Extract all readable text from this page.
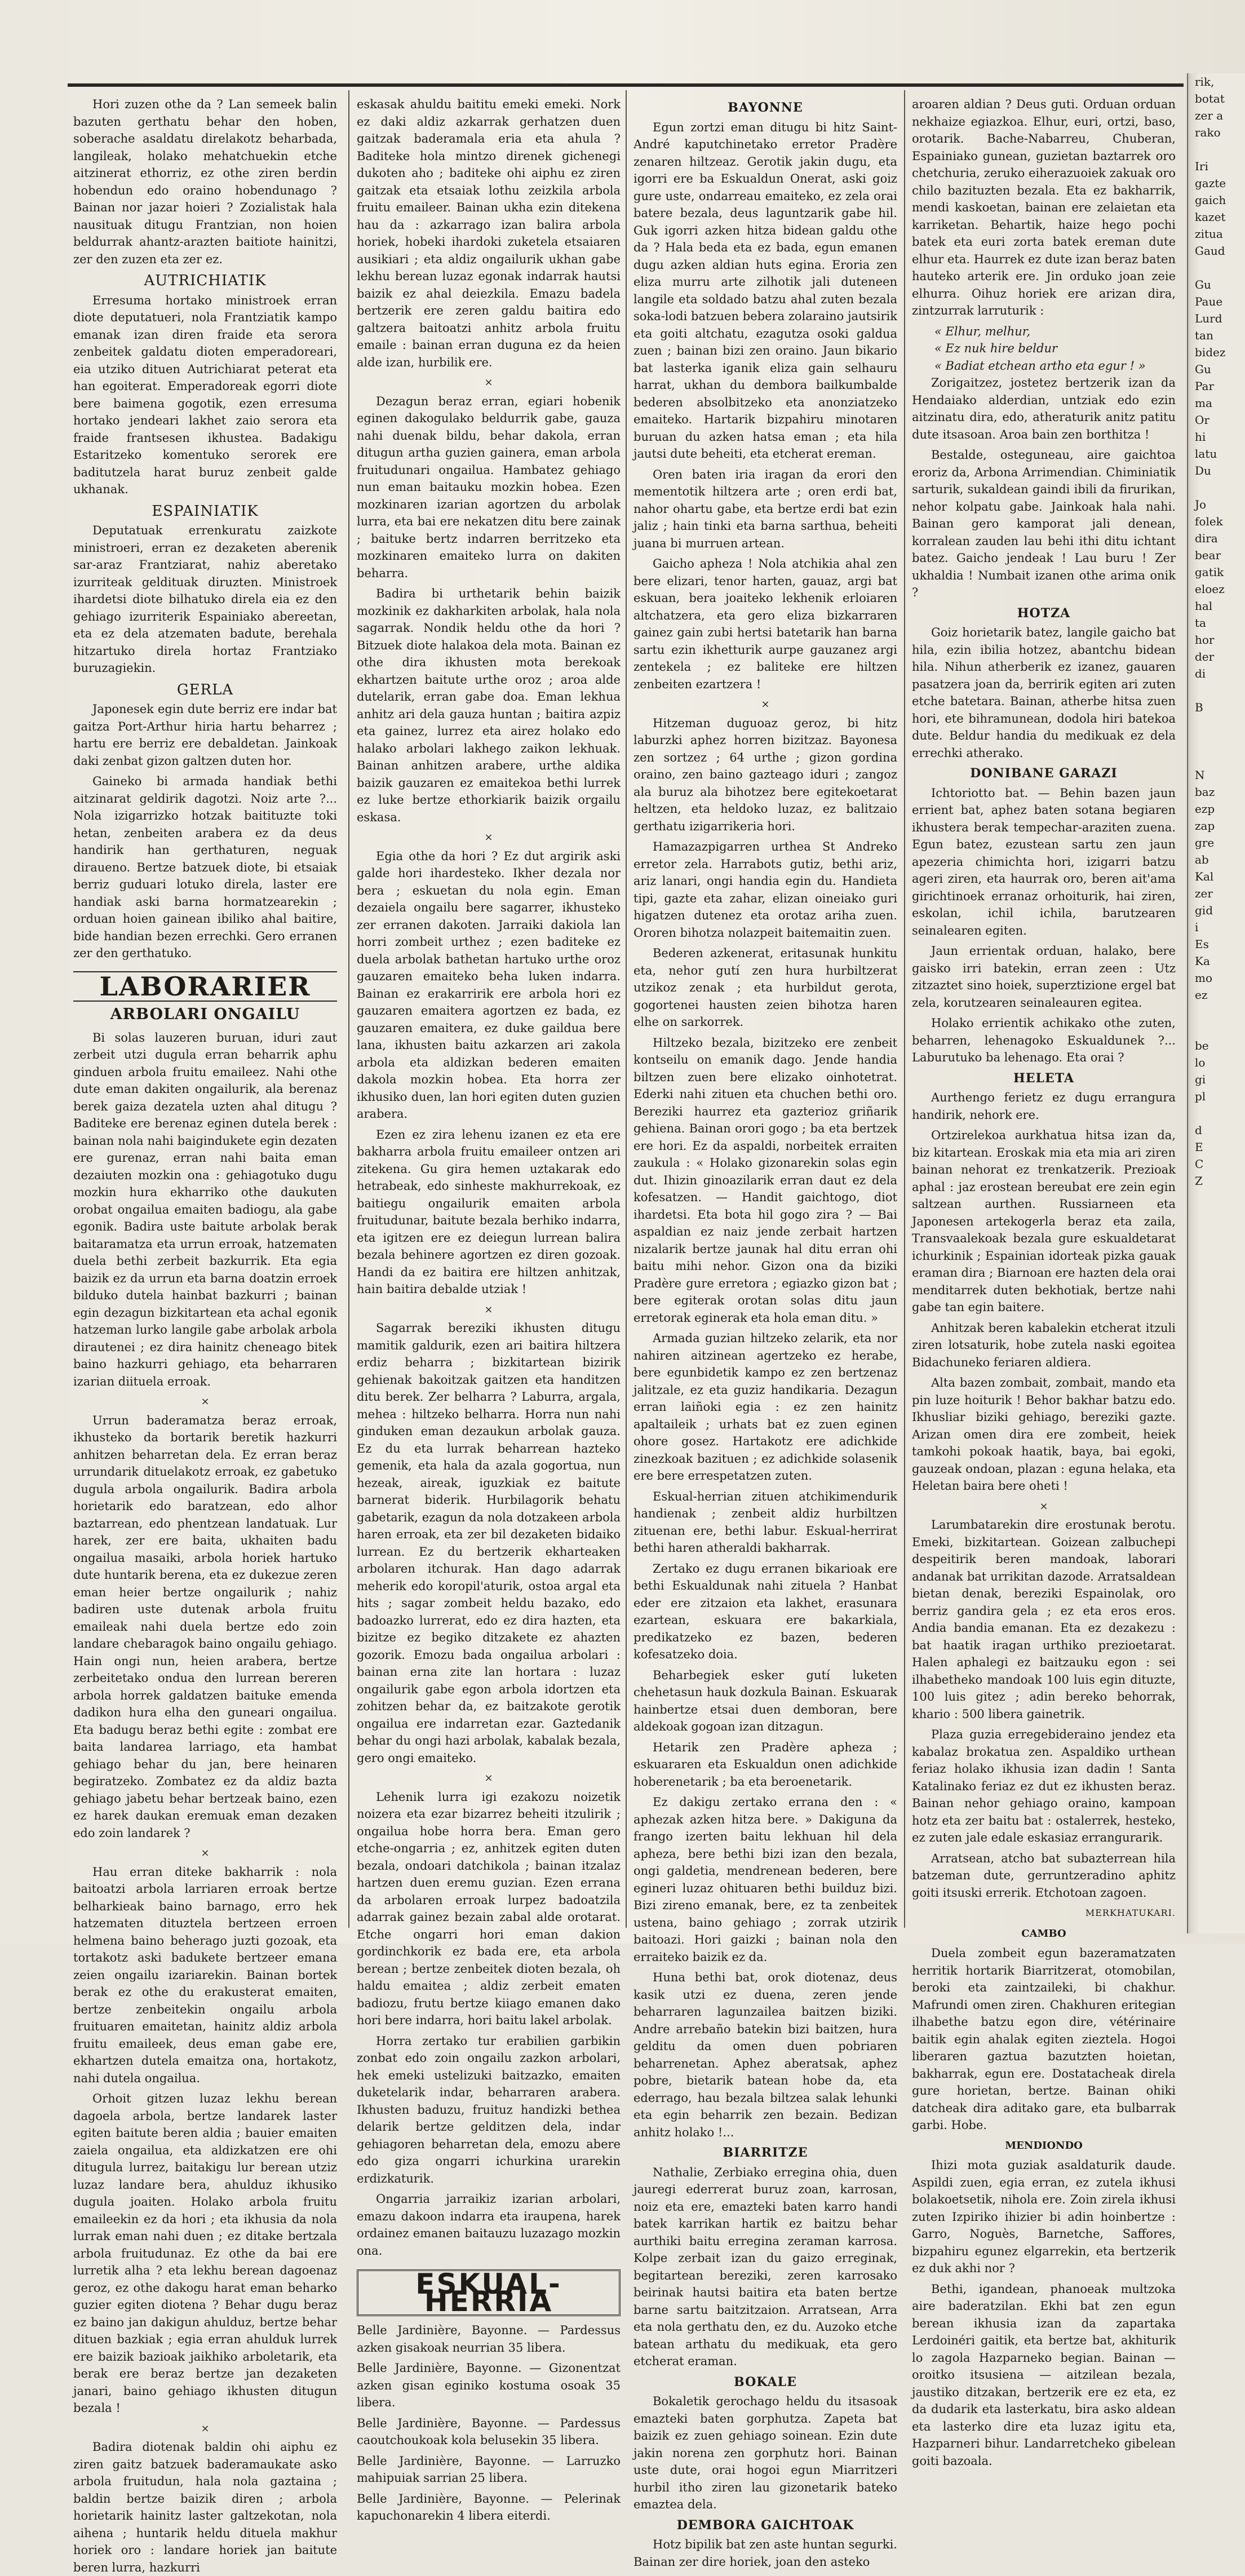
Hori zuzen othe da ? Lan semeek balin bazuten gerthatu behar den hoben, soberache asaldatu direlakotz beharbada, langileak, holako mehatchuekin etche aitzinerat ethorriz, ez othe ziren berdin hobendun edo oraino hobendunago ? Bainan nor jazar hoieri ? Zozialistak hala nausituak ditugu Frantzian, non hoien beldurrak ahantz-arazten baitiote hainitzi, zer den zuzen eta zer ez.

AUTRICHIATIK

Erresuma hortako ministroek erran diote deputatueri, nola Frantziatik kampo emanak izan diren fraide eta serora zenbeitek galdatu dioten emperadoreari, eia utziko dituen Autrichiarat peterat eta han egoiterat. Emperadoreak egorri diote bere baimena gogotik, ezen erresuma hortako jendeari lakhet zaio serora eta fraide frantsesen ikhustea. Badakigu Estaritzeko komentuko serorek ere baditutzela harat buruz zenbeit galde ukhanak.

ESPAINIATIK

Deputatuak errenkuratu zaizkote ministroeri, erran ez dezaketen aberenik sar-araz Frantziarat, nahiz aberetako izurriteak geldituak diruzten. Ministroek ihardetsi diote bilhatuko direla eia ez den gehiago izurriterik Espainiako abereetan, eta ez dela atzematen badute, berehala hitzartuko direla hortaz Frantziako buruzagiekin.

GERLA

Japonesek egin dute berriz ere indar bat gaitza Port-Arthur hiria hartu beharrez ; hartu ere berriz ere debaldetan. Jainkoak daki zenbat gizon galtzen duten hor.

Gaineko bi armada handiak bethi aitzinarat geldirik dagotzi. Noiz arte ?... Nola izigarrizko hotzak baitituzte toki hetan, zenbeiten arabera ez da deus handirik han gerthaturen, neguak diraueno. Bertze batzuek diote, bi etsaiak berriz guduari lotuko direla, laster ere handiak aski barna hormatzearekin ; orduan hoien gainean ibiliko ahal baitire, bide handian bezen errechki. Gero erranen zer den gerthatuko.

LABORARIER
ARBOLARI ONGAILU

Bi solas lauzeren buruan, iduri zaut zerbeit utzi dugula erran beharrik aphu ginduen arbola fruitu emaileez. Nahi othe dute eman dakiten ongailurik, ala berenaz berek gaiza dezatela uzten ahal ditugu ? Baditeke ere berenaz eginen dutela berek : bainan nola nahi baigindukete egin dezaten ere gurenaz, erran nahi baita eman dezaiuten mozkin ona : gehiagotuko dugu mozkin hura ekharriko othe daukuten orobat ongailua emaiten badiogu, ala gabe egonik. Badira uste baitute arbolak berak baitaramatza eta urrun erroak, hatzematen duela bethi zerbeit bazkurrik. Eta egia baizik ez da urrun eta barna doatzin erroek bilduko dutela hainbat bazkurri ; bainan egin dezagun bizkitartean eta achal egonik hatzeman lurko langile gabe arbolak arbola dirautenei ; ez dira hainitz cheneago bitek baino hazkurri gehiago, eta beharraren izarian diituela erroak.

×

Urrun baderamatza beraz erroak, ikhusteko da bortarik beretik hazkurri anhitzen beharretan dela. Ez erran beraz urrundarik dituelakotz erroak, ez gabetuko dugula arbola ongailurik. Badira arbola horietarik edo baratzean, edo alhor baztarrean, edo phentzean landatuak. Lur harek, zer ere baita, ukhaiten badu ongailua masaiki, arbola horiek hartuko dute huntarik berena, eta ez dukezue zeren eman heier bertze ongailurik ; nahiz badiren uste dutenak arbola fruitu emaileak nahi duela bertze edo zoin landare chebaragok baino ongailu gehiago. Hain ongi nun, heien arabera, bertze zerbeitetako ondua den lurrean bereren arbola horrek galdatzen baituke emenda dadikon hura elha den guneari ongailua. Eta badugu beraz bethi egite : zombat ere baita landarea larriago, eta hambat gehiago behar du jan, bere heinaren begiratzeko. Zombatez ez da aldiz bazta gehiago jabetu behar bertzeak baino, ezen ez harek daukan eremuak eman dezaken edo zoin landarek ?

×

Hau erran diteke bakharrik : nola baitoatzi arbola larriaren erroak bertze belharkieak baino barnago, erro hek hatzematen dituztela bertzeen erroen helmena baino beherago juzti gozoak, eta tortakotz aski badukete bertzeer emana zeien ongailu izariarekin. Bainan bortek berak ez othe du erakusterat emaiten, bertze zenbeitekin ongailu arbola fruituaren emaitetan, hainitz aldiz arbola fruitu emaileek, deus eman gabe ere, ekhartzen dutela emaitza ona, hortakotz, nahi dutela ongailua.

Orhoit gitzen luzaz lekhu berean dagoela arbola, bertze landarek laster egiten baitute beren aldia ; bauier emaiten zaiela ongailua, eta aldizkatzen ere ohi ditugula lurrez, baitakigu lur berean utziz luzaz landare bera, ahulduz ikhusiko dugula joaiten. Holako arbola fruitu emaileekin ez da hori ; eta ikhusia da nola lurrak eman nahi duen ; ez ditake bertzala arbola fruitudunaz. Ez othe da bai ere lurretik alha ? eta lekhu berean dagoenaz geroz, ez othe dakogu harat eman beharko guzier egiten diotena ? Behar dugu beraz ez baino jan dakigun ahulduz, bertze behar dituen bazkiak ; egia erran ahulduk lurrek ere baizik bazioak jaikhiko arboletarik, eta berak ere beraz bertze jan dezaketen janari, baino gehiago ikhusten ditugun bezala !

×

Badira diotenak baldin ohi aiphu ez ziren gaitz batzuek baderamaukate asko arbola fruitudun, hala nola gaztaina ; baldin bertze baizik diren ; arbola horietarik hainitz laster galtzekotan, nola aihena ; huntarik heldu dituela makhur horiek oro : landare horiek jan baitute beren lurra, hazkurri

eskasak ahuldu baititu emeki emeki. Nork ez daki aldiz azkarrak gerhatzen duen gaitzak baderamala eria eta ahula ? Baditeke hola mintzo direnek gichenegi dukoten aho ; baditeke ohi aiphu ez ziren gaitzak eta etsaiak lothu zeizkila arbola fruitu emaileer. Bainan ukha ezin ditekena hau da : azkarrago izan balira arbola horiek, hobeki ihardoki zuketela etsaiaren ausikiari ; eta aldiz ongailurik ukhan gabe lekhu berean luzaz egonak indarrak hautsi baizik ez ahal deiezkila. Emazu badela bertzerik ere zeren galdu baitira edo galtzera baitoatzi anhitz arbola fruitu emaile : bainan erran duguna ez da heien alde izan, hurbilik ere.

×

Dezagun beraz erran, egiari hobenik eginen dakogulako beldurrik gabe, gauza nahi duenak bildu, behar dakola, erran ditugun artha guzien gainera, eman arbola fruitudunari ongailua. Hambatez gehiago nun eman baitauku mozkin hobea. Ezen mozkinaren izarian agortzen du arbolak lurra, eta bai ere nekatzen ditu bere zainak ; baituke bertz indarren berritzeko eta mozkinaren emaiteko lurra on dakiten beharra.

Badira bi urthetarik behin baizik mozkinik ez dakharkiten arbolak, hala nola sagarrak. Nondik heldu othe da hori ? Bitzuek diote halakoa dela mota. Bainan ez othe dira ikhusten mota berekoak ekhartzen baitute urthe oroz ; aroa alde dutelarik, erran gabe doa. Eman lekhua anhitz ari dela gauza huntan ; baitira azpiz eta gainez, lurrez eta airez holako edo halako arbolari lakhego zaikon lekhuak. Bainan anhitzen arabere, urthe aldika baizik gauzaren ez emaitekoa bethi lurrek ez luke bertze ethorkiarik baizik orgailu eskasa.

×

Egia othe da hori ? Ez dut argirik aski galde hori ihardesteko. Ikher dezala nor bera ; eskuetan du nola egin. Eman dezaiela ongailu bere sagarrer, ikhusteko zer erranen dakoten. Jarraiki dakiola lan horri zombeit urthez ; ezen baditeke ez duela arbolak bathetan hartuko urthe oroz gauzaren emaiteko beha luken indarra. Bainan ez erakarririk ere arbola hori ez gauzaren emaitera agortzen ez bada, ez gauzaren emaitera, ez duke gaildua bere lana, ikhusten baitu azkarzen ari zakola arbola eta aldizkan bederen emaiten dakola mozkin hobea. Eta horra zer ikhusiko duen, lan hori egiten duten guzien arabera.

Ezen ez zira lehenu izanen ez eta ere bakharra arbola fruitu emaileer ontzen ari zitekena. Gu gira hemen uztakarak edo hetrabeak, edo sinheste makhurrekoak, ez baitiegu ongailurik emaiten arbola fruitudunar, baitute bezala berhiko indarra, eta igitzen ere ez deiegun lurrean balira bezala behinere agortzen ez diren gozoak. Handi da ez baitira ere hiltzen anhitzak, hain baitira debalde utziak !

×

Sagarrak bereziki ikhusten ditugu mamitik galdurik, ezen ari baitira hiltzera erdiz beharra ; bizkitartean bizirik gehienak bakoitzak gaitzen eta handitzen ditu berek. Zer belharra ? Laburra, argala, mehea : hiltzeko belharra. Horra nun nahi ginduken eman dezaukun arbolak gauza. Ez du eta lurrak beharrean hazteko gemenik, eta hala da azala gogortua, nun hezeak, aireak, iguzkiak ez baitute barnerat biderik. Hurbilagorik behatu gabetarik, ezagun da nola dotzakeen arbola haren erroak, eta zer bil dezaketen bidaiko lurrean. Ez du bertzerik ekharteaken arbolaren itchurak. Han dago adarrak meherik edo koropil'aturik, ostoa argal eta hits ; sagar zombeit heldu bazako, edo badoazko lurrerat, edo ez dira hazten, eta bizitze ez begiko ditzakete ez ahazten gozorik. Emozu bada ongailua arbolari : bainan erna zite lan hortara : luzaz ongailurik gabe egon arbola idortzen eta zohitzen behar da, ez baitzakote gerotik ongailua ere indarretan ezar. Gaztedanik behar du ongi hazi arbolak, kabalak bezala, gero ongi emaiteko.

×

Lehenik lurra igi ezakozu noizetik noizera eta ezar bizarrez beheiti itzulirik ; ongailua hobe horra bera. Eman gero etche-ongarria ; ez, anhitzek egiten duten bezala, ondoari datchikola ; bainan itzalaz hartzen duen eremu guzian. Ezen errana da arbolaren erroak lurpez badoatzila adarrak gainez bezain zabal alde orotarat. Etche ongarri hori eman dakion gordinchkorik ez bada ere, eta arbola berean ; bertze zenbeitek dioten bezala, oh haldu emaitea ; aldiz zerbeit ematen badiozu, frutu bertze kiiago emanen dako hori bere indarra, hori baitu lakel arbolak.

Horra zertako tur erabilien garbikin zonbat edo zoin ongailu zazkon arbolari, hek emeki ustelizuki baitzazko, emaiten duketelarik indar, beharraren arabera. Ikhusten baduzu, fruituz handizki bethea delarik bertze gelditzen dela, indar gehiagoren beharretan dela, emozu abere edo giza ongarri ichurkina urarekin erdizkaturik.

Ongarria jarraikiz izarian arbolari, emazu dakoon indarra eta iraupena, harek ordainez emanen baitauzu luzazago mozkin ona.

ESKUAL-HERRIA

Belle Jardinière, Bayonne. — Pardessus azken gisakoak neurrian 35 libera.

Belle Jardinière, Bayonne. — Gizonentzat azken gisan eginiko kostuma osoak 35 libera.

Belle Jardinière, Bayonne. — Pardessus caoutchoukoak kola belusekin 35 libera.

Belle Jardinière, Bayonne. — Larruzko mahipuiak sarrian 25 libera.

Belle Jardinière, Bayonne. — Pelerinak kapuchonarekin 4 libera eiterdi.

BAYONNE

Egun zortzi eman ditugu bi hitz Saint-André kaputchinetako erretor Pradère zenaren hiltzeaz. Gerotik jakin dugu, eta igorri ere ba Eskualdun Onerat, aski goiz gure uste, ondarreau emaiteko, ez zela orai batere bezala, deus laguntzarik gabe hil. Guk igorri azken hitza bidean galdu othe da ? Hala beda eta ez bada, egun emanen dugu azken aldian huts egina. Eroria zen eliza murru arte zilhotik jali duteneen langile eta soldado batzu ahal zuten bezala soka-lodi batzuen bebera zolaraino jautsirik eta goiti altchatu, ezagutza osoki galdua zuen ; bainan bizi zen oraino. Jaun bikario bat lasterka iganik eliza gain selhauru harrat, ukhan du dembora bailkumbalde bederen absolbitzeko eta anonziatzeko emaiteko. Hartarik bizpahiru minotaren buruan du azken hatsa eman ; eta hila jautsi dute beheiti, eta etcherat ereman.

Oren baten iria iragan da erori den mementotik hiltzera arte ; oren erdi bat, nahor ohartu gabe, eta bertze erdi bat ezin jaliz ; hain tinki eta barna sarthua, beheiti juana bi murruen artean.

Gaicho apheza ! Nola atchikia ahal zen bere elizari, tenor harten, gauaz, argi bat eskuan, bera joaiteko lekhenik erloiaren altchatzera, eta gero eliza bizkarraren gainez gain zubi hertsi batetarik han barna sartu ezin ikhetturik aurpe gauzanez argi zentekela ; ez baliteke ere hiltzen zenbeiten ezartzera !

×

Hitzeman duguoaz geroz, bi hitz laburzki aphez horren bizitzaz. Bayonesa zen sortzez ; 64 urthe ; gizon gordina oraino, zen baino gazteago iduri ; zangoz ala buruz ala bihotzez bere egitekoetarat heltzen, eta heldoko luzaz, ez balitzaio gerthatu izigarrikeria hori.

Hamazazpigarren urthea St Andreko erretor zela. Harrabots gutiz, bethi ariz, ariz lanari, ongi handia egin du. Handieta tipi, gazte eta zahar, elizan oineiako guri higatzen dutenez eta orotaz ariha zuen. Ororen bihotza nolazpeit baitemaitin zuen.

Bederen azkenerat, eritasunak hunkitu eta, nehor gutí zen hura hurbiltzerat utzikoz zenak ; eta hurbildut gerota, gogortenei hausten zeien bihotza haren elhe on sarkorrek.

Hiltzeko bezala, bizitzeko ere zenbeit kontseilu on emanik dago. Jende handia biltzen zuen bere elizako oinhotetrat. Ederki nahi zituen eta chuchen bethi oro. Bereziki haurrez eta gazterioz griñarik gehiena. Bainan orori gogo ; ba eta bertzek ere hori. Ez da aspaldi, norbeitek erraiten zaukula : « Holako gizonarekin solas egin dut. Ihizin ginoazilarik erran daut ez dela kofesatzen. — Handit gaichtogo, diot ihardetsi. Eta bota hil gogo zira ? — Bai aspaldian ez naiz jende zerbait hartzen nizalarik bertze jaunak hal ditu erran ohi baitu mihi nehor. Gizon ona da biziki Pradère gure erretora ; egiazko gizon bat ; bere egiterak orotan solas ditu jaun erretorak eginerak eta hola eman ditu. »

Armada guzian hiltzeko zelarik, eta nor nahiren aitzinean agertzeko ez herabe, bere egunbidetik kampo ez zen bertzenaz jalitzale, ez eta guziz handikaria. Dezagun erran laiñoki egia : ez zen hainitz apaltaileik ; urhats bat ez zuen eginen ohore gosez. Hartakotz ere adichkide zinezkoak bazituen ; ez adichkide solasenik ere bere errespetatzen zuten.

Eskual-herrian zituen atchikimendurik handienak ; zenbeit aldiz hurbiltzen zituenan ere, bethi labur. Eskual-herrirat bethi haren atheraldi bakharrak.

Zertako ez dugu erranen bikarioak ere bethi Eskualdunak nahi zituela ? Hanbat eder ere zitzaion eta lakhet, erasunara ezartean, eskuara ere bakarkiala, predikatzeko ez bazen, bederen kofesatzeko doia.

Beharbegiek esker gutí luketen chehetasun hauk dozkula Bainan. Eskuarak hainbertze etsai duen demboran, bere aldekoak gogoan izan ditzagun.

Hetarik zen Pradère apheza ; eskuararen eta Eskualdun onen adichkide hoberenetarik ; ba eta beroenetarik.

Ez dakigu zertako errana den : « aphezak azken hitza bere. » Dakiguna da frango izerten baitu lekhuan hil dela apheza, bere bethi bizi izan den bezala, ongi galdetia, mendrenean bederen, bere egineri luzaz ohituaren bethi builduz bizi. Bizi zireno emanak, bere, ez ta zenbeitek ustena, baino gehiago ; zorrak utzirik baitoazi. Hori gaizki ; bainan nola den erraiteko baizik ez da.

Huna bethi bat, orok diotenaz, deus kasik utzi ez duena, zeren jende beharraren lagunzailea baitzen biziki. Andre arrebaño batekin bizi baitzen, hura gelditu da omen duen pobriaren beharrenetan. Aphez aberatsak, aphez pobre, bietarik batean hobe da, eta ederrago, hau bezala biltzea salak lehunki eta egin beharrik zen bezain. Bedizan anhitz holako !...

BIARRITZE

Nathalie, Zerbiako erregina ohia, duen jauregi ederrerat buruz zoan, karrosan, noiz eta ere, emazteki baten karro handi batek karrikan hartik ez baitzu behar aurthiki baitu erregina zeraman karrosa. Kolpe zerbait izan du gaizo erreginak, begitartean bereziki, zeren karrosako beirinak hautsi baitira eta baten bertze barne sartu baitzitzaion. Arratsean, Arra eta nola gerthatu den, ez du. Auzoko etche batean arthatu du medikuak, eta gero etcherat eraman.

BOKALE

Bokaletik gerochago heldu du itsasoak emazteki baten gorphutza. Zapeta bat baizik ez zuen gehiago soinean. Ezin dute jakin norena zen gorphutz hori. Bainan uste dute, orai hogoi egun Miarritzeri hurbil itho ziren lau gizonetarik bateko emaztea dela.

DEMBORA GAICHTOAK

Hotz bipilik bat zen aste huntan segurki. Bainan zer dire horiek, joan den asteko

aroaren aldian ? Deus guti. Orduan orduan nekhaize egiazkoa. Elhur, euri, ortzi, baso, orotarik. Bache-Nabarreu, Chuberan, Espainiako gunean, guzietan baztarrek oro chetchuria, zeruko eiherazuoiek zakuak oro chilo bazituzten bezala. Eta ez bakharrik, mendi kaskoetan, bainan ere zelaietan eta karriketan. Behartik, haize hego pochi batek eta euri zorta batek ereman dute elhur eta. Haurrek ez dute izan beraz baten hauteko arterik ere. Jin orduko joan zeie elhurra. Oihuz horiek ere arizan dira, zintzurrak larruturik :

« Elhur, melhur,

« Ez nuk hire beldur

« Badiat etchean artho eta egur ! »

Zorigaitzez, jostetez bertzerik izan da Hendaiako alderdian, untziak edo ezin aitzinatu dira, edo, atheraturik anitz patitu dute itsasoan. Aroa bain zen borthitza !

Bestalde, osteguneau, aire gaichtoa eroriz da, Arbona Arrimendian. Chiminiatik sarturik, sukaldean gaindi ibili da firurikan, nehor kolpatu gabe. Jainkoak hala nahi. Bainan gero kamporat jali denean, korralean zauden lau behi ithi ditu ichtant batez. Gaicho jendeak ! Lau buru ! Zer ukhaldia ! Numbait izanen othe arima onik ?

HOTZA

Goiz horietarik batez, langile gaicho bat hila, ezin ibilia hotzez, abantchu bidean hila. Nihun atherberik ez izanez, gauaren pasatzera joan da, berririk egiten ari zuten etche batetara. Bainan, atherbe hitsa zuen hori, ete bihramunean, dodola hiri batekoa dute. Beldur handia du medikuak ez dela errechki atherako.

DONIBANE GARAZI

Ichtoriotto bat. — Behin bazen jaun errient bat, aphez baten sotana begiaren ikhustera berak tempechar-araziten zuena. Egun batez, ezustean sartu zen jaun apezeria chimichta hori, izigarri batzu ageri ziren, eta haurrak oro, beren ait'ama girichtinoek erranaz orhoiturik, hai ziren, eskolan, ichil ichila, barutzearen seinalearen egiten.

Jaun errientak orduan, halako, bere gaisko irri batekin, erran zeen : Utz zitzaztet sino hoiek, superztizione ergel bat zela, korutzearen seinaleauren egitea.

Holako errientik achikako othe zuten, beharren, lehenagoko Eskualdunek ?... Laburutuko ba lehenago. Eta orai ?

HELETA

Aurthengo ferietz ez dugu errangura handirik, nehork ere.

Ortzirelekoa aurkhatua hitsa izan da, biz kitartean. Eroskak mia eta mia ari ziren bainan nehorat ez trenkatzerik. Prezioak aphal : jaz erostean bereubat ere zein egin saltzean aurthen. Russiarneen eta Japonesen artekogerla beraz eta zaila, Transvaalekoak bezala gure eskualdetarat ichurkinik ; Espainian idorteak pizka gauak eraman dira ; Biarnoan ere hazten dela orai menditarrek duten bekhotiak, bertze nahi gabe tan egin baitere.

Anhitzak beren kabalekin etcherat itzuli ziren lotsaturik, hobe zutela naski egoitea Bidachuneko feriaren aldiera.

Alta bazen zombait, zombait, mando eta pin luze hoiturik ! Behor bakhar batzu edo. Ikhusliar biziki gehiago, bereziki gazte. Arizan omen dira ere zombeit, heiek tamkohi pokoak haatik, baya, bai egoki, gauzeak ondoan, plazan : eguna helaka, eta Heletan baira bere oheti !

×

Larumbatarekin dire erostunak berotu. Emeki, bizkitartean. Goizean zalbuchepi despeitirik beren mandoak, laborari andanak bat urrikitan dazode. Arratsaldean bietan denak, bereziki Espainolak, oro berriz gandira gela ; ez eta eros eros. Andia bandia emanan. Eta ez dezakezu : bat haatik iragan urthiko prezioetarat. Halen aphalegi ez baitzauku egon : sei ilhabetheko mandoak 100 luis egin dituzte, 100 luis gitez ; adin bereko behorrak, khario : 500 libera gainetrik.

Plaza guzia erregebideraino jendez eta kabalaz brokatua zen. Aspaldiko urthean feriaz holako ikhusia izan dadin ! Santa Katalinako feriaz ez dut ez ikhusten beraz. Bainan nehor gehiago oraino, kampoan hotz eta zer baitu bat : ostalerrek, hesteko, ez zuten jale edale eskasiaz errangurarik.

Arratsean, atcho bat subazterrean hila batzeman dute, gerruntzeradino aphitz goiti itsuski errerik. Etchotoan zagoen.

MERKHATUKARI.
CAMBO

Duela zombeit egun bazeramatzaten herritik hortarik Biarritzerat, otomobilan, beroki eta zaintzaileki, bi chakhur. Mafrundi omen ziren. Chakhuren eritegian ilhabethe batzu egon dire, vétérinaire baitik egin ahalak egiten zieztela. Hogoi liberaren gaztua bazutzten hoietan, bakharrak, egun ere. Dostatacheak direla gure horietan, bertze. Bainan ohiki datcheak dira aditako gare, eta bulbarrak garbi. Hobe.

MENDIONDO

Ihizi mota guziak asaldaturik daude. Aspildi zuen, egia erran, ez zutela ikhusi bolakoetsetik, nihola ere. Zoin zirela ikhusi zuten Izpiriko ihizier bi adin hoinbertze : Garro, Noguès, Barnetche, Saffores, bizpahiru egunez elgarrekin, eta bertzerik ez duk akhi nor ?

Bethi, igandean, phanoeak multzoka aire baderatzilan. Ekhi bat zen egun berean ikhusia izan da zapartaka Lerdoinéri gaitik, eta bertze bat, akhiturik lo zagola Hazparneko begian. Bainan — oroitko itsusiena — aitzilean bezala, jaustiko ditzakan, bertzerik ere ez eta, ez da dudarik eta lasterkatu, bira asko aldean eta lasterko dire eta luzaz igitu eta, Hazparneri bihur. Landarretcheko gibelean goiti bazoala.

rik,
botat
zer a
rako
Iri
gazte
gaich
kazet
zitua
Gaud
Gu
Paue
Lurd
tan
bidez
Gu
Par
ma
Or
hi
latu
Du
Jo
folek
dira
bear
gatik
eloez
hal
ta
hor
der
di
B
N
baz
ezp
zap
gre
ab
Kal
zer
gid
i
Es
Ka
mo
ez
be
lo
gi
pl
d
E
C
Z
